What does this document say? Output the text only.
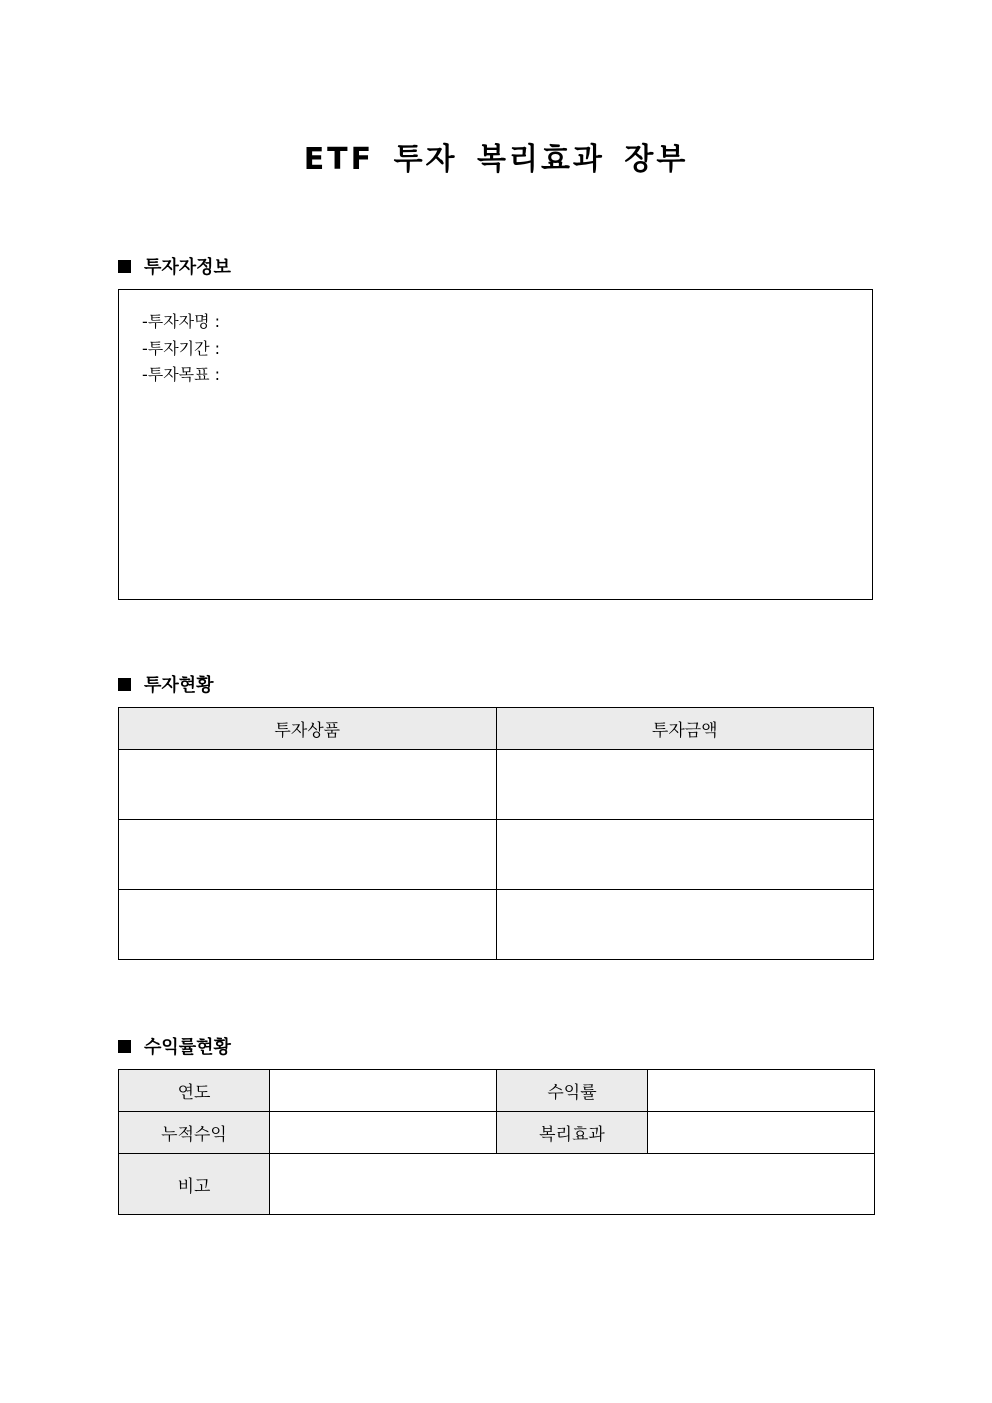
ETF 투자 복리효과 장부
투자자정보
-투자자명 :
-투자기간 :
-투자목표 :
투자현황
투자상품	투자금액

수익률현황
연도		수익률	
누적수익		복리효과	
비고			
